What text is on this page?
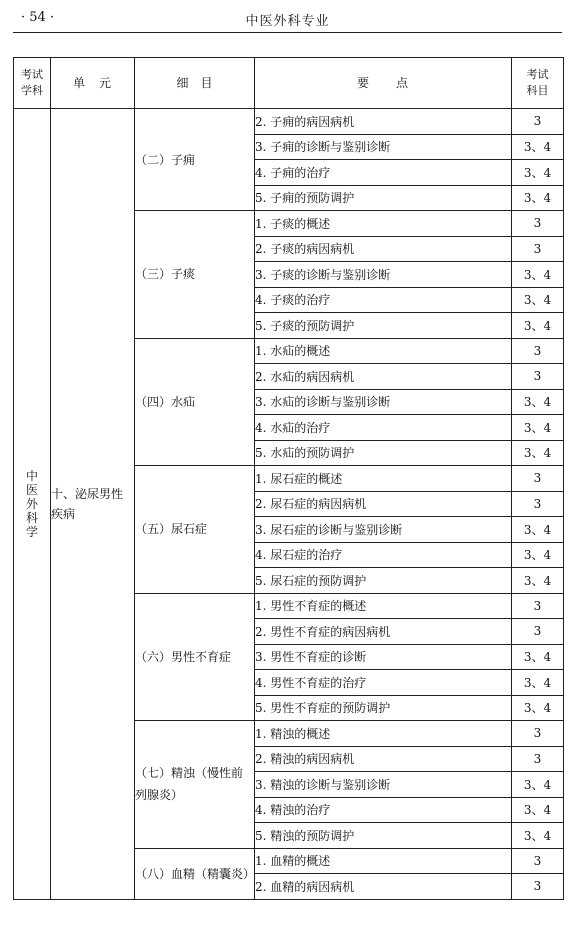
· 54 ·	中医外科专业
考试学科	单　元	细　目	要　　点	考试科目
中医外科学	十、泌尿男性疾病	（二）子痈	2. 子痈的病因病机	3
			3. 子痈的诊断与鉴别诊断	3、4
			4. 子痈的治疗	3、4
			5. 子痈的预防调护	3、4
		（三）子痰	1. 子痰的概述	3
			2. 子痰的病因病机	3
			3. 子痰的诊断与鉴别诊断	3、4
			4. 子痰的治疗	3、4
			5. 子痰的预防调护	3、4
		（四）水疝	1. 水疝的概述	3
			2. 水疝的病因病机	3
			3. 水疝的诊断与鉴别诊断	3、4
			4. 水疝的治疗	3、4
			5. 水疝的预防调护	3、4
		（五）尿石症	1. 尿石症的概述	3
			2. 尿石症的病因病机	3
			3. 尿石症的诊断与鉴别诊断	3、4
			4. 尿石症的治疗	3、4
			5. 尿石症的预防调护	3、4
		（六）男性不育症	1. 男性不育症的概述	3
			2. 男性不育症的病因病机	3
			3. 男性不育症的诊断	3、4
			4. 男性不育症的治疗	3、4
			5. 男性不育症的预防调护	3、4
		（七）精浊（慢性前列腺炎）	1. 精浊的概述	3
			2. 精浊的病因病机	3
			3. 精浊的诊断与鉴别诊断	3、4
			4. 精浊的治疗	3、4
			5. 精浊的预防调护	3、4
		（八）血精（精囊炎）	1. 血精的概述	3
			2. 血精的病因病机	3
